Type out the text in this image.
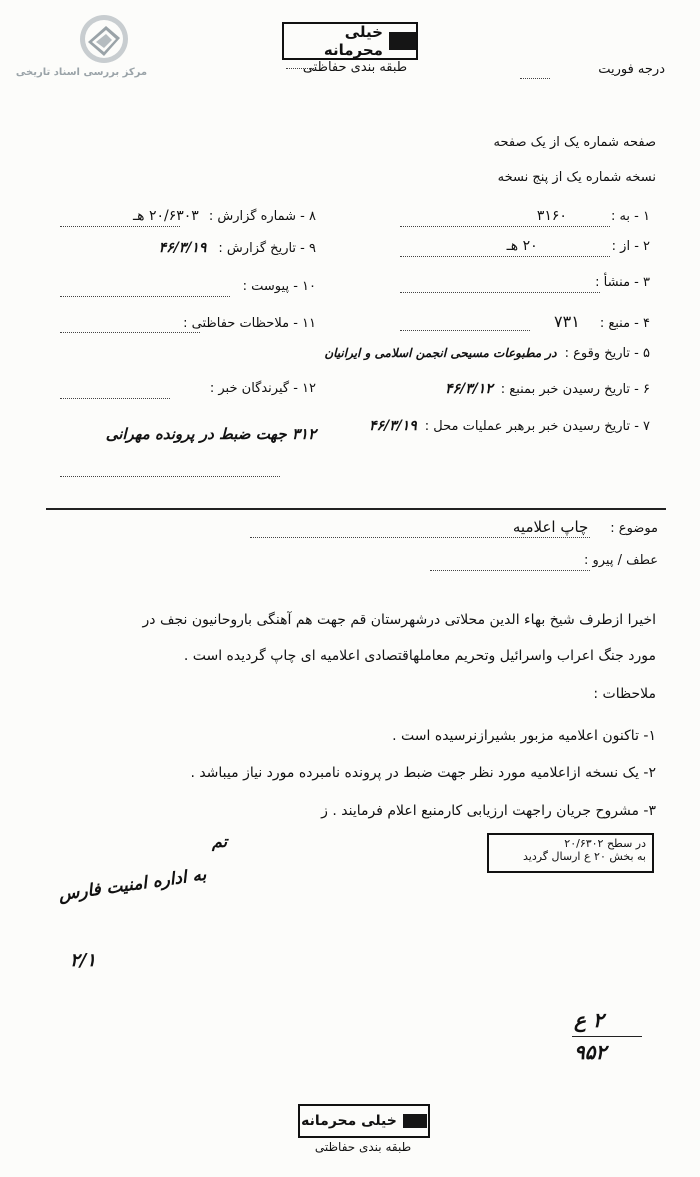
مرکز بررسی اسناد تاریخی
خیلی محرمانه
طبقه بندی حفاظتی	درجه فوریت
صفحه شماره یک از یک صفحه
نسخه شماره یک از پنج نسخه
۱ - به :
۳۱۶۰
۲ - از :
۲۰ هـ
۳ - منشأ :
۴ - منبع :
۷۳۱
۵ - تاریخ وقوع :
در مطبوعات مسیحی انجمن اسلامی و ایرانیان
۶ - تاریخ رسیدن خبر بمنبع :
۴۶/۳/۱۲
۷ - تاریخ رسیدن خبر برهبر عملیات محل :
۴۶/۳/۱۹
۸ - شماره گزارش :
۲۰/۶۳۰۳ هـ
۹ - تاریخ گزارش :
۴۶/۳/۱۹
۱۰ - پیوست :
۱۱ - ملاحظات حفاظتی :
۱۲ - گیرندگان خبر :
۳۱۲ جهت ضبط در پرونده مهرانی
موضوع :
چاپ اعلامیه
عطف / پیرو :
اخیرا ازطرف شیخ بهاء الدین محلاتی درشهرستان قم جهت هم آهنگی باروحانیون نجف در
مورد جنگ اعراب واسرائیل وتحریم معاملهاقتصادی اعلامیه ای چاپ گردیده است .
ملاحظات :
۱- تاکنون اعلامیه مزبور بشیرازنرسیده است .
۲- یک نسخه ازاعلامیه مورد نظر جهت ضبط در پرونده نامبرده مورد نیاز میباشد .
۳- مشروح جریان راجهت ارزیابی کارمنبع اعلام فرمایند . ز
در سطح ۲۰/۶۳۰۲
به بخش ۲۰ ع ارسال گردید
تم
به اداره امنیت فارس
۲/۱
۲ ع
۹۵۲
خیلی محرمانه
طبقه بندی حفاظتی
